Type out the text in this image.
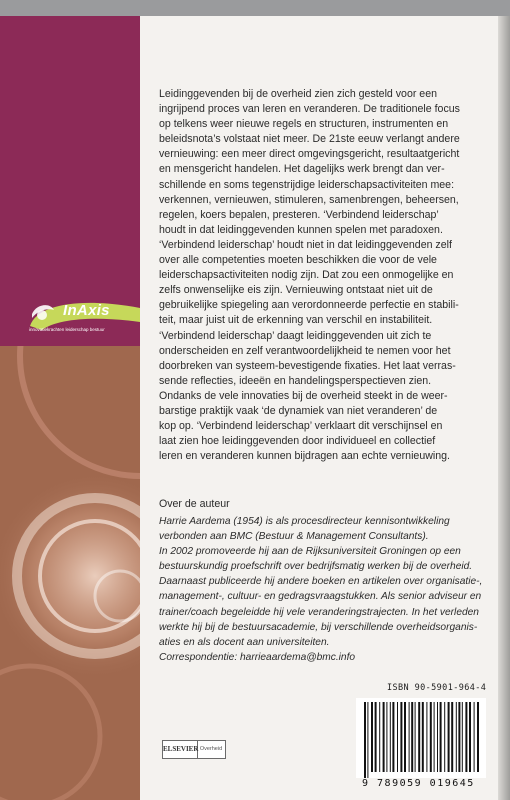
InAxis
innovatiekrachten leiderschap bestuur
Leidinggevenden bij de overheid zien zich gesteld voor een
ingrijpend proces van leren en veranderen. De traditionele focus
op telkens weer nieuwe regels en structuren, instrumenten en
beleidsnota’s volstaat niet meer. De 21ste eeuw verlangt andere
vernieuwing: een meer direct omgevingsgericht, resultaatgericht
en mensgericht handelen. Het dagelijks werk brengt dan ver-
schillende en soms tegenstrijdige leiderschapsactiviteiten mee:
verkennen, vernieuwen, stimuleren, samenbrengen, beheersen,
regelen, koers bepalen, presteren. ‘Verbindend leiderschap’
houdt in dat leidinggevenden kunnen spelen met paradoxen.
‘Verbindend leiderschap’ houdt niet in dat leidinggevenden zelf
over alle competenties moeten beschikken die voor de vele
leiderschapsactiviteiten nodig zijn. Dat zou een onmogelijke en
zelfs onwenselijke eis zijn. Vernieuwing ontstaat niet uit de
gebruikelijke spiegeling aan verordonneerde perfectie en stabili-
teit, maar juist uit de erkenning van verschil en instabiliteit.
‘Verbindend leiderschap’ daagt leidinggevenden uit zich te
onderscheiden en zelf verantwoordelijkheid te nemen voor het
doorbreken van systeem-bevestigende fixaties. Het laat verras-
sende reflecties, ideeën en handelingsperspectieven zien.
Ondanks de vele innovaties bij de overheid steekt in de weer-
barstige praktijk vaak ‘de dynamiek van niet veranderen’ de
kop op. ‘Verbindend leiderschap’ verklaart dit verschijnsel en
laat zien hoe leidinggevenden door individueel en collectief
leren en veranderen kunnen bijdragen aan echte vernieuwing.
Over de auteur
Harrie Aardema (1954) is als procesdirecteur kennisontwikkeling
verbonden aan BMC (Bestuur & Management Consultants).
In 2002 promoveerde hij aan de Rijksuniversiteit Groningen op een
bestuurskundig proefschrift over bedrijfsmatig werken bij de overheid.
Daarnaast publiceerde hij andere boeken en artikelen over organisatie-,
management-, cultuur- en gedragsvraagstukken. Als senior adviseur en
trainer/coach begeleidde hij vele veranderingstrajecten. In het verleden
werkte hij bij de bestuursacademie, bij verschillende overheidsorganis-
aties en als docent aan universiteiten.
Correspondentie: harrieaardema@bmc.info
ISBN 90-5901-964-4
9 789059 019645
ELSEVIER Overheid
